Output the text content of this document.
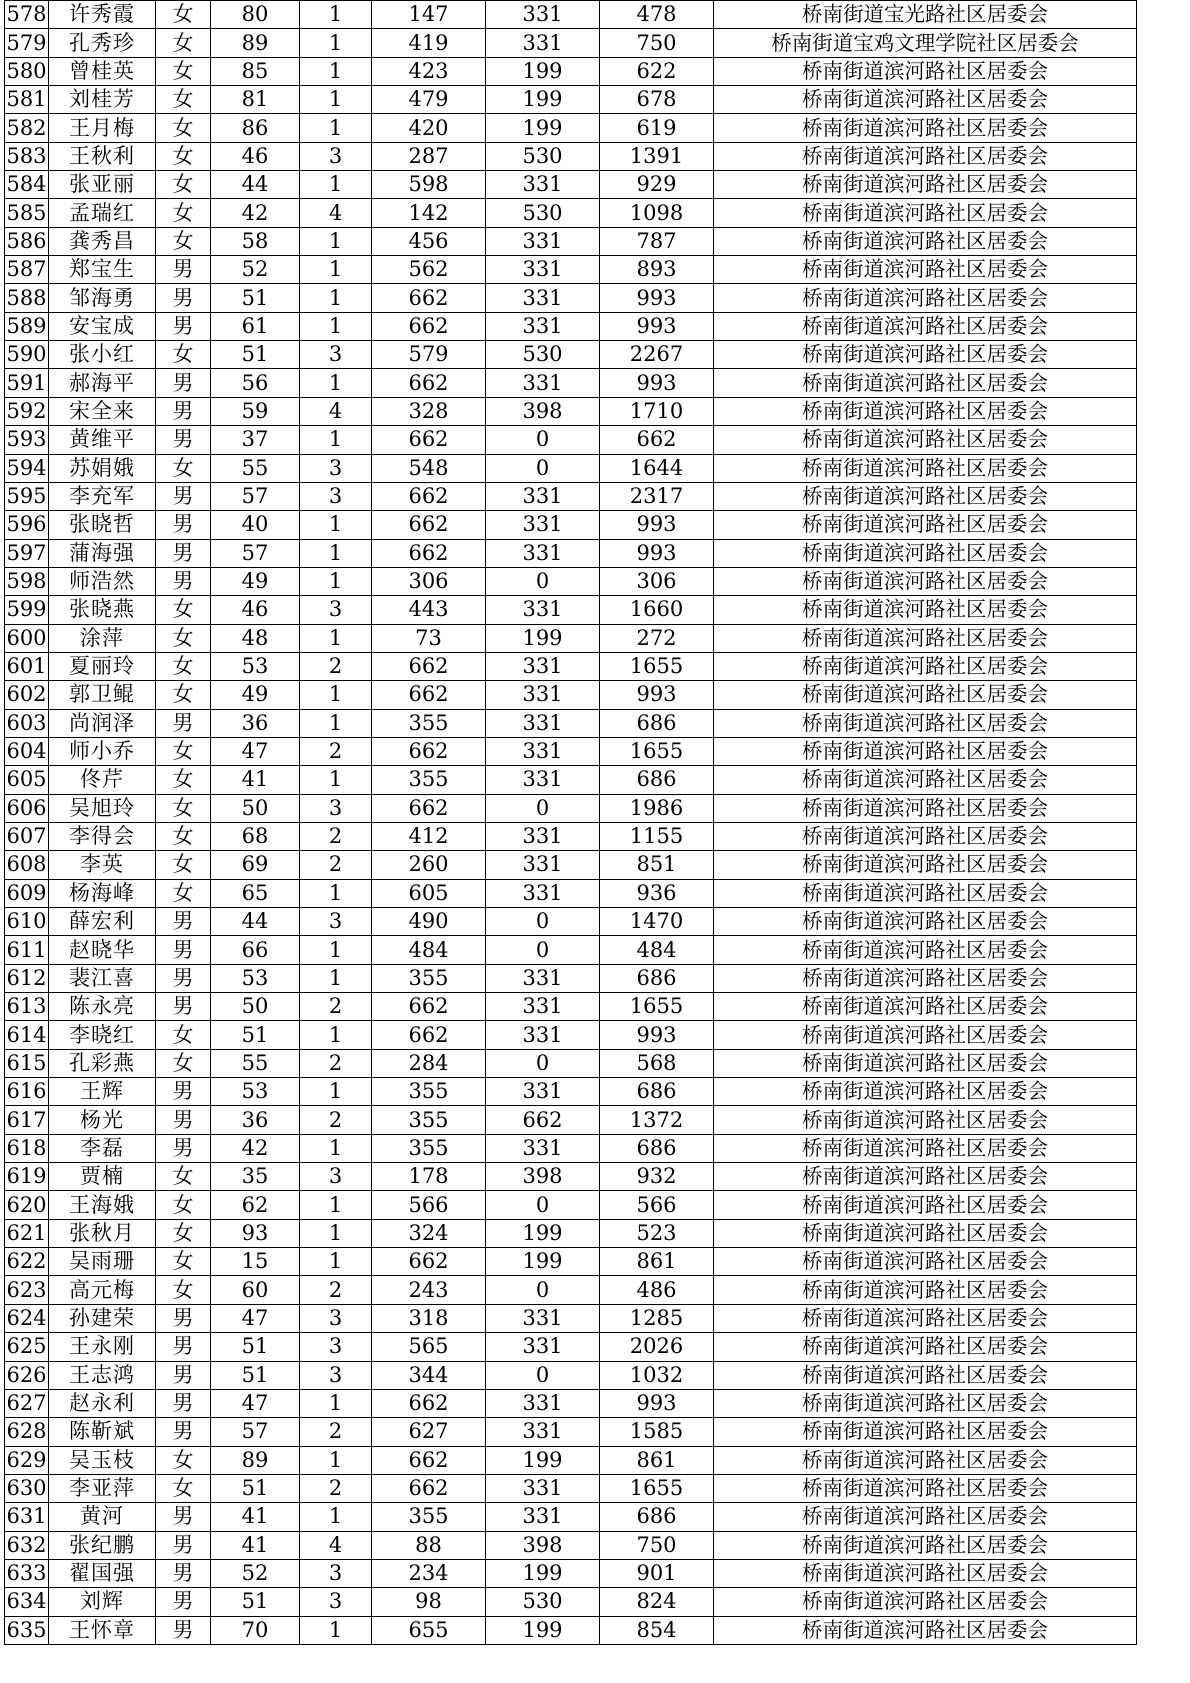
578	许秀霞	女	80	1	147	331	478	桥南街道宝光路社区居委会
579	孔秀珍	女	89	1	419	331	750	桥南街道宝鸡文理学院社区居委会
580	曾桂英	女	85	1	423	199	622	桥南街道滨河路社区居委会
581	刘桂芳	女	81	1	479	199	678	桥南街道滨河路社区居委会
582	王月梅	女	86	1	420	199	619	桥南街道滨河路社区居委会
583	王秋利	女	46	3	287	530	1391	桥南街道滨河路社区居委会
584	张亚丽	女	44	1	598	331	929	桥南街道滨河路社区居委会
585	孟瑞红	女	42	4	142	530	1098	桥南街道滨河路社区居委会
586	龚秀昌	女	58	1	456	331	787	桥南街道滨河路社区居委会
587	郑宝生	男	52	1	562	331	893	桥南街道滨河路社区居委会
588	邹海勇	男	51	1	662	331	993	桥南街道滨河路社区居委会
589	安宝成	男	61	1	662	331	993	桥南街道滨河路社区居委会
590	张小红	女	51	3	579	530	2267	桥南街道滨河路社区居委会
591	郝海平	男	56	1	662	331	993	桥南街道滨河路社区居委会
592	宋全来	男	59	4	328	398	1710	桥南街道滨河路社区居委会
593	黄维平	男	37	1	662	0	662	桥南街道滨河路社区居委会
594	苏娟娥	女	55	3	548	0	1644	桥南街道滨河路社区居委会
595	李充军	男	57	3	662	331	2317	桥南街道滨河路社区居委会
596	张晓哲	男	40	1	662	331	993	桥南街道滨河路社区居委会
597	蒲海强	男	57	1	662	331	993	桥南街道滨河路社区居委会
598	师浩然	男	49	1	306	0	306	桥南街道滨河路社区居委会
599	张晓燕	女	46	3	443	331	1660	桥南街道滨河路社区居委会
600	涂萍	女	48	1	73	199	272	桥南街道滨河路社区居委会
601	夏丽玲	女	53	2	662	331	1655	桥南街道滨河路社区居委会
602	郭卫鲲	女	49	1	662	331	993	桥南街道滨河路社区居委会
603	尚润泽	男	36	1	355	331	686	桥南街道滨河路社区居委会
604	师小乔	女	47	2	662	331	1655	桥南街道滨河路社区居委会
605	佟芹	女	41	1	355	331	686	桥南街道滨河路社区居委会
606	吴旭玲	女	50	3	662	0	1986	桥南街道滨河路社区居委会
607	李得会	女	68	2	412	331	1155	桥南街道滨河路社区居委会
608	李英	女	69	2	260	331	851	桥南街道滨河路社区居委会
609	杨海峰	女	65	1	605	331	936	桥南街道滨河路社区居委会
610	薛宏利	男	44	3	490	0	1470	桥南街道滨河路社区居委会
611	赵晓华	男	66	1	484	0	484	桥南街道滨河路社区居委会
612	裴江喜	男	53	1	355	331	686	桥南街道滨河路社区居委会
613	陈永亮	男	50	2	662	331	1655	桥南街道滨河路社区居委会
614	李晓红	女	51	1	662	331	993	桥南街道滨河路社区居委会
615	孔彩燕	女	55	2	284	0	568	桥南街道滨河路社区居委会
616	王辉	男	53	1	355	331	686	桥南街道滨河路社区居委会
617	杨光	男	36	2	355	662	1372	桥南街道滨河路社区居委会
618	李磊	男	42	1	355	331	686	桥南街道滨河路社区居委会
619	贾楠	女	35	3	178	398	932	桥南街道滨河路社区居委会
620	王海娥	女	62	1	566	0	566	桥南街道滨河路社区居委会
621	张秋月	女	93	1	324	199	523	桥南街道滨河路社区居委会
622	吴雨珊	女	15	1	662	199	861	桥南街道滨河路社区居委会
623	高元梅	女	60	2	243	0	486	桥南街道滨河路社区居委会
624	孙建荣	男	47	3	318	331	1285	桥南街道滨河路社区居委会
625	王永刚	男	51	3	565	331	2026	桥南街道滨河路社区居委会
626	王志鸿	男	51	3	344	0	1032	桥南街道滨河路社区居委会
627	赵永利	男	47	1	662	331	993	桥南街道滨河路社区居委会
628	陈靳斌	男	57	2	627	331	1585	桥南街道滨河路社区居委会
629	吴玉枝	女	89	1	662	199	861	桥南街道滨河路社区居委会
630	李亚萍	女	51	2	662	331	1655	桥南街道滨河路社区居委会
631	黄河	男	41	1	355	331	686	桥南街道滨河路社区居委会
632	张纪鹏	男	41	4	88	398	750	桥南街道滨河路社区居委会
633	翟国强	男	52	3	234	199	901	桥南街道滨河路社区居委会
634	刘辉	男	51	3	98	530	824	桥南街道滨河路社区居委会
635	王怀章	男	70	1	655	199	854	桥南街道滨河路社区居委会
